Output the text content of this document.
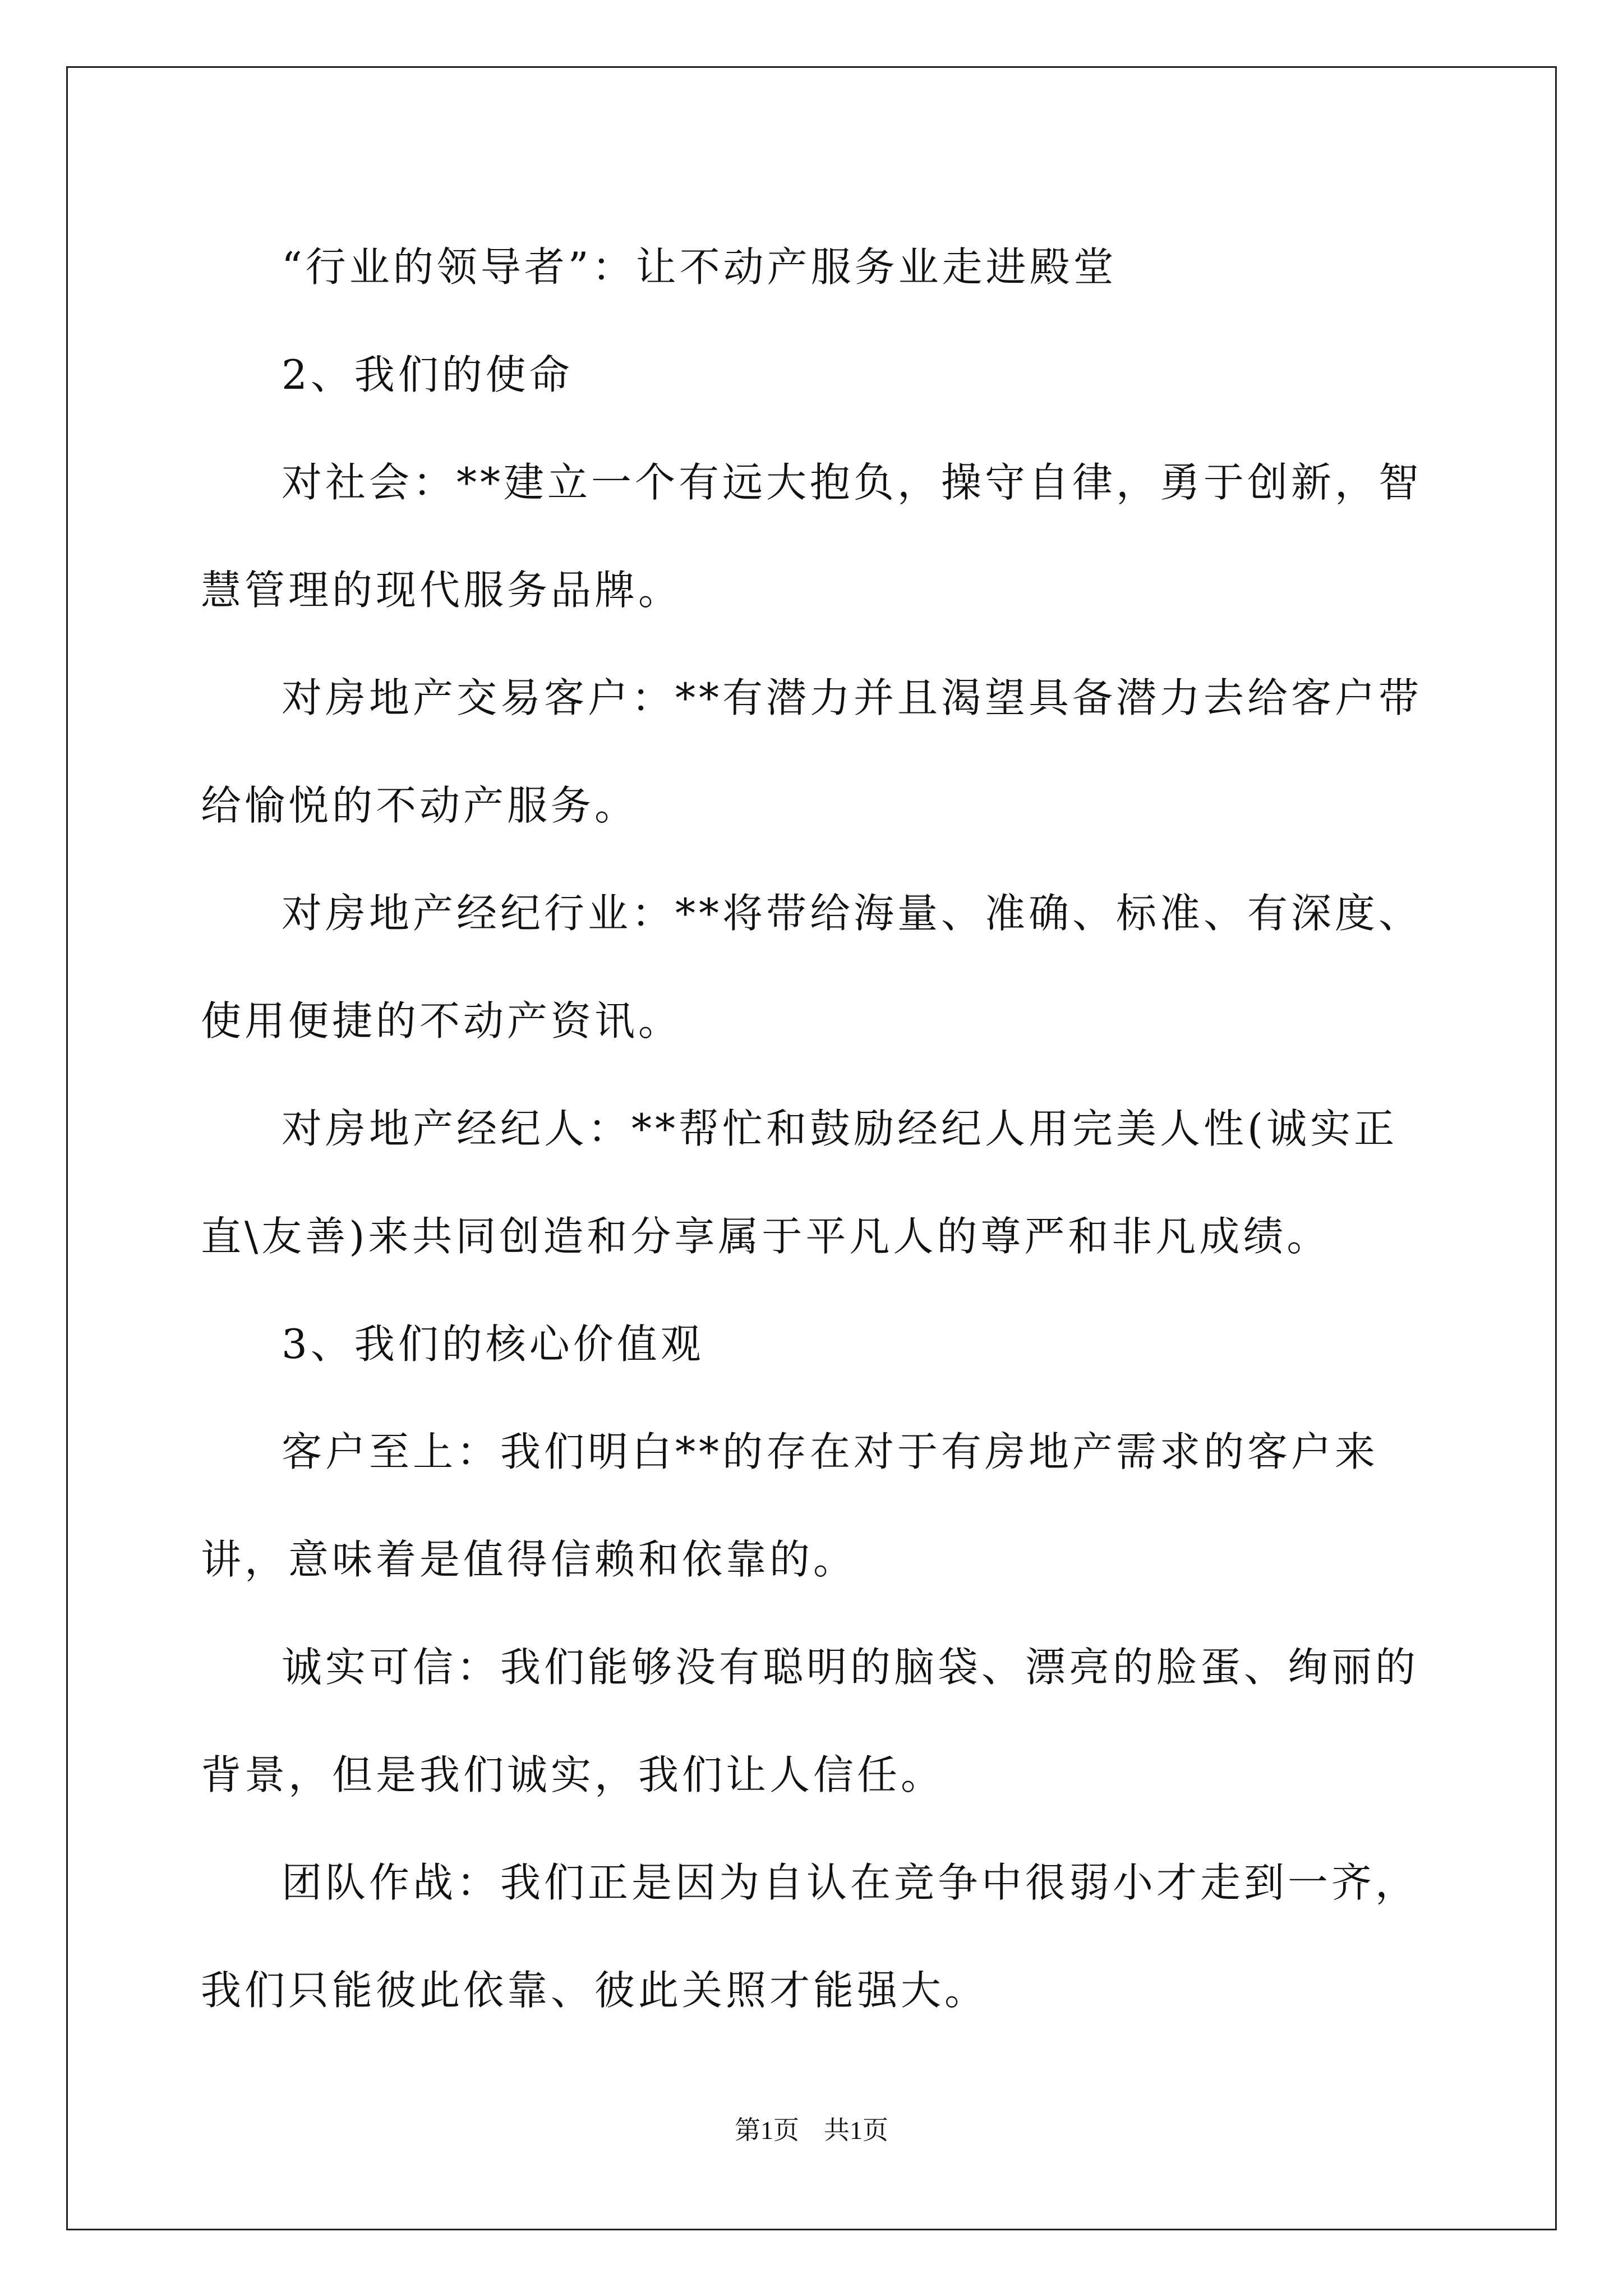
“行业的领导者”：让不动产服务业走进殿堂

2、我们的使命

对社会：**建立一个有远大抱负，操守自律，勇于创新，智慧管理的现代服务品牌。

对房地产交易客户：**有潜力并且渴望具备潜力去给客户带给愉悦的不动产服务。

对房地产经纪行业：**将带给海量、准确、标准、有深度、使用便捷的不动产资讯。

对房地产经纪人：**帮忙和鼓励经纪人用完美人性(诚实正直\友善)来共同创造和分享属于平凡人的尊严和非凡成绩。

3、我们的核心价值观

客户至上：我们明白**的存在对于有房地产需求的客户来讲，意味着是值得信赖和依靠的。

诚实可信：我们能够没有聪明的脑袋、漂亮的脸蛋、绚丽的背景，但是我们诚实，我们让人信任。

团队作战：我们正是因为自认在竞争中很弱小才走到一齐，我们只能彼此依靠、彼此关照才能强大。

第1页 共1页
